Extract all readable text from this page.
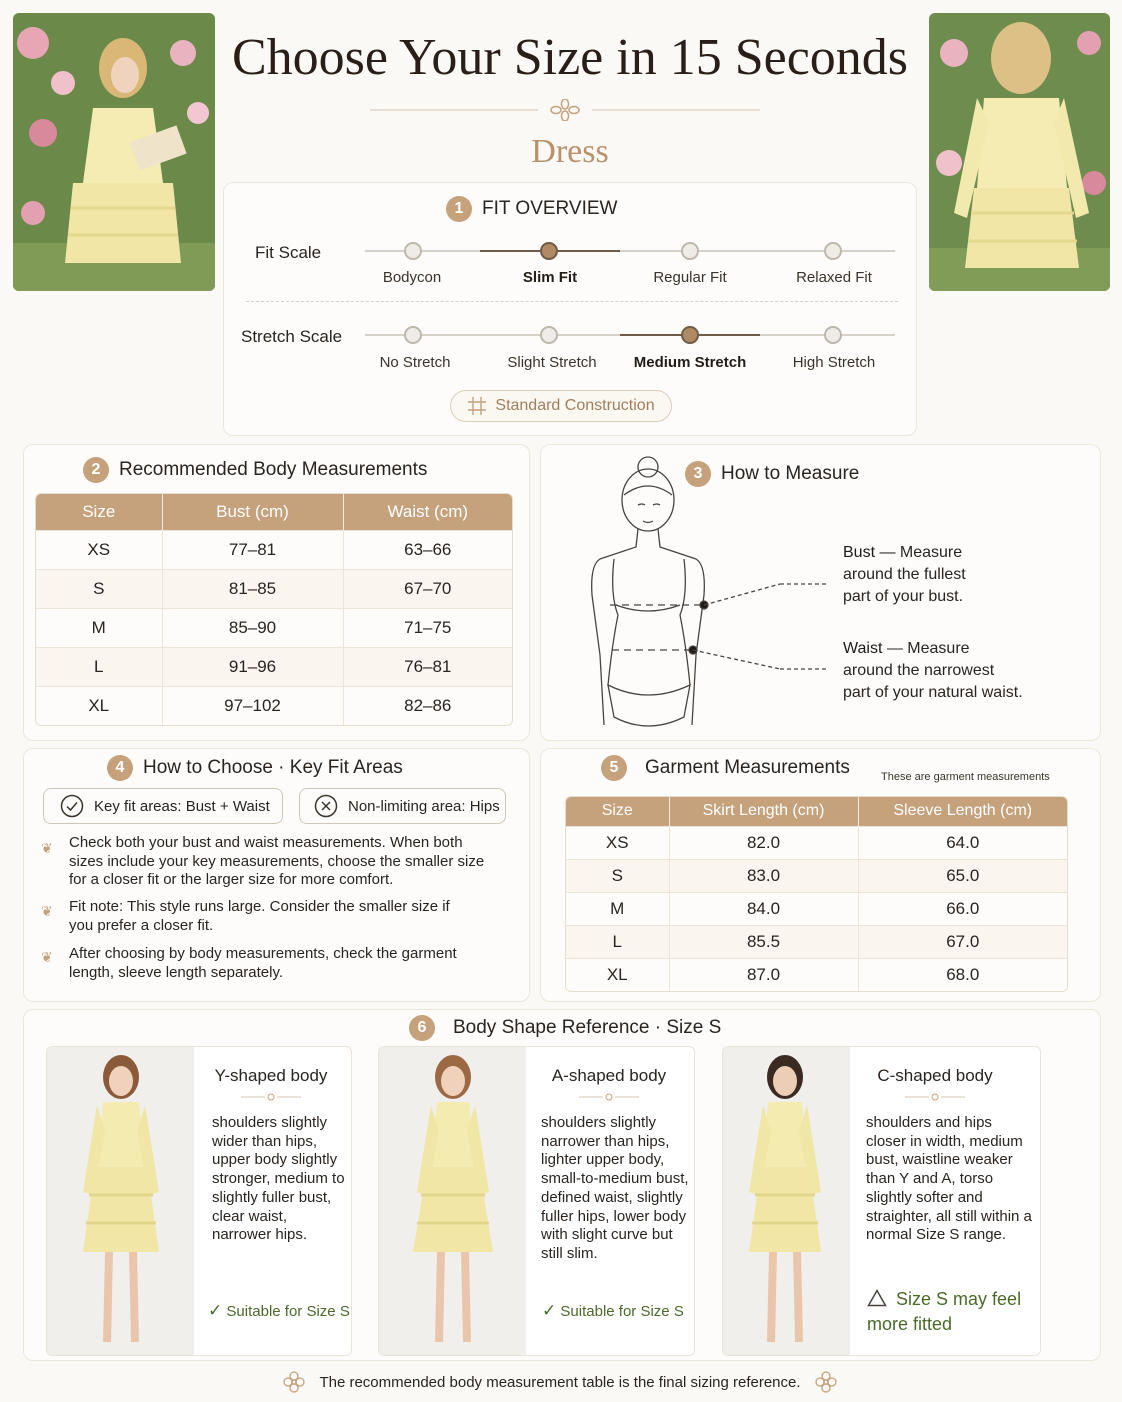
Choose Your Size in 15 Seconds
Dress
1 FIT OVERVIEW
Fit Scale
Bodycon	Slim Fit	Regular Fit	Relaxed Fit
Stretch Scale
No Stretch	Slight Stretch	Medium Stretch	High Stretch
Standard Construction
2 Recommended Body Measurements
Size	Bust (cm)	Waist (cm)
XS	77–81	63–66
S	81–85	67–70
M	85–90	71–75
L	91–96	76–81
XL	97–102	82–86
3 How to Measure
Bust — Measure
around the fullest
part of your bust.
Waist — Measure
around the narrowest
part of your natural waist.
4 How to Choose · Key Fit Areas
Key fit areas: Bust + Waist	Non-limiting area: Hips
❦ Check both your bust and waist measurements. When both sizes include your key measurements, choose the smaller size for a closer fit or the larger size for more comfort.
❦ Fit note: This style runs large. Consider the smaller size if you prefer a closer fit.
❦ After choosing by body measurements, check the garment length, sleeve length separately.
5	Garment Measurements	These are garment measurements
Size	Skirt Length (cm)	Sleeve Length (cm)
XS	82.0	64.0
S	83.0	65.0
M	84.0	66.0
L	85.5	67.0
XL	87.0	68.0
6	Body Shape Reference · Size S
Y-shaped body
shoulders slightly wider than hips, upper body slightly stronger, medium to slightly fuller bust, clear waist, narrower hips.
✓ Suitable for Size S
A-shaped body
shoulders slightly narrower than hips, lighter upper body, small-to-medium bust, defined waist, slightly fuller hips, lower body with slight curve but still slim.
✓ Suitable for Size S
C-shaped body
shoulders and hips closer in width, medium bust, waistline weaker than Y and A, torso slightly softer and straighter, all still within a normal Size S range.
Size S may feel more fitted
The recommended body measurement table is the final sizing reference.
